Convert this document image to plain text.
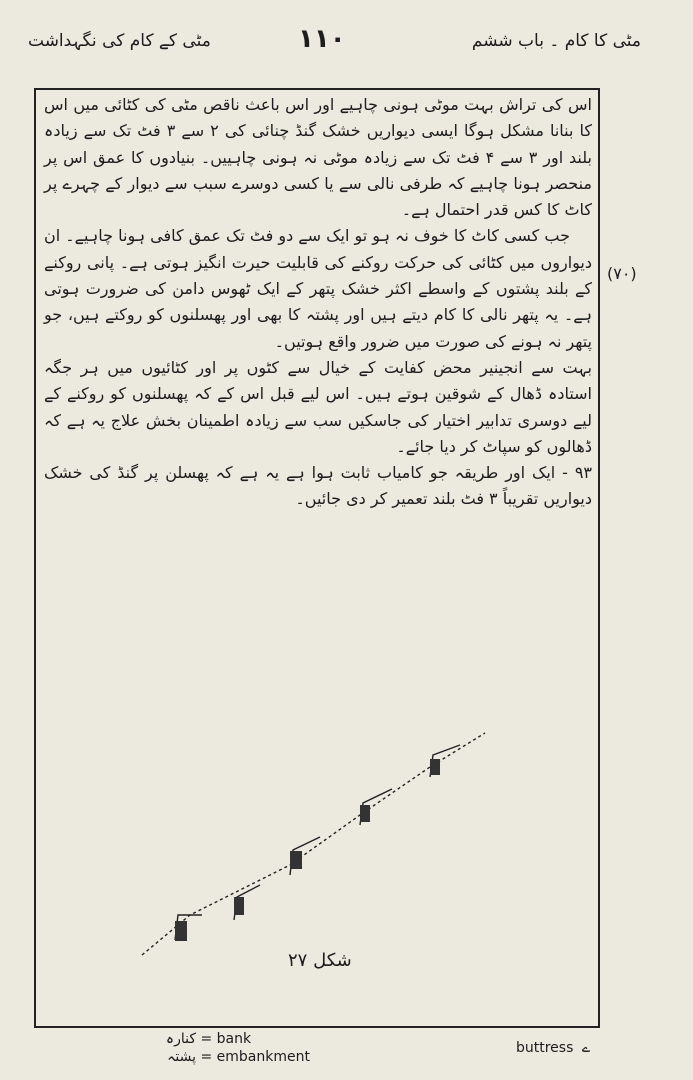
مٹی کا کام ۔ باب ششم
۱۱۰
مٹی کے کام کی نگہداشت

اس کی تراش بہت موٹی ہونی چاہیے اور اس باعث ناقص مٹی کی کٹائی میں اس کا بنانا مشکل ہوگا ایسی دیواریں خشک گنڈ چنائی کی ۲ سے ۳ فٹ تک سے زیادہ بلند اور ۳ سے ۴ فٹ تک سے زیادہ موٹی نہ ہونی چاہییں۔ بنیادوں کا عمق اس پر منحصر ہونا چاہیے کہ طرفی نالی سے یا کسی دوسرے سبب سے دیوار کے چہرے پر کاٹ کا کس قدر احتمال ہے۔

جب کسی کاٹ کا خوف نہ ہو تو ایک سے دو فٹ تک عمق کافی ہونا چاہیے۔ ان دیواروں میں کٹائی کی حرکت روکنے کی قابلیت حیرت انگیز ہوتی ہے۔ پانی روکنے کے بلند پشتوں کے واسطے اکثر خشک پتھر کے ایک ٹھوس دامن کی ضرورت ہوتی ہے۔ یہ پتھر نالی کا کام دیتے ہیں اور پشتہ کا بھی اور پھسلنوں کو روکتے ہیں، جو پتھر نہ ہونے کی صورت میں ضرور واقع ہوتیں۔

بہت سے انجینیر محض کفایت کے خیال سے کٹوں پر اور کٹائیوں میں ہر جگہ استادہ ڈھال کے شوقین ہوتے ہیں۔ اس لیے قبل اس کے کہ پھسلنوں کو روکنے کے لیے دوسری تدابیر اختیار کی جاسکیں سب سے زیادہ اطمینان بخش علاج یہ ہے کہ ڈھالوں کو سپاٹ کر دیا جائے۔

۹۳ - ایک اور طریقہ جو کامیاب ثابت ہوا ہے یہ ہے کہ پھسلن پر گنڈ کی خشک دیواریں تقریباً ۳ فٹ بلند تعمیر کر دی جائیں۔

(۷۰)
شکل ۲۷
کنارہ = bank
پشتہ = embankment
buttress ے
